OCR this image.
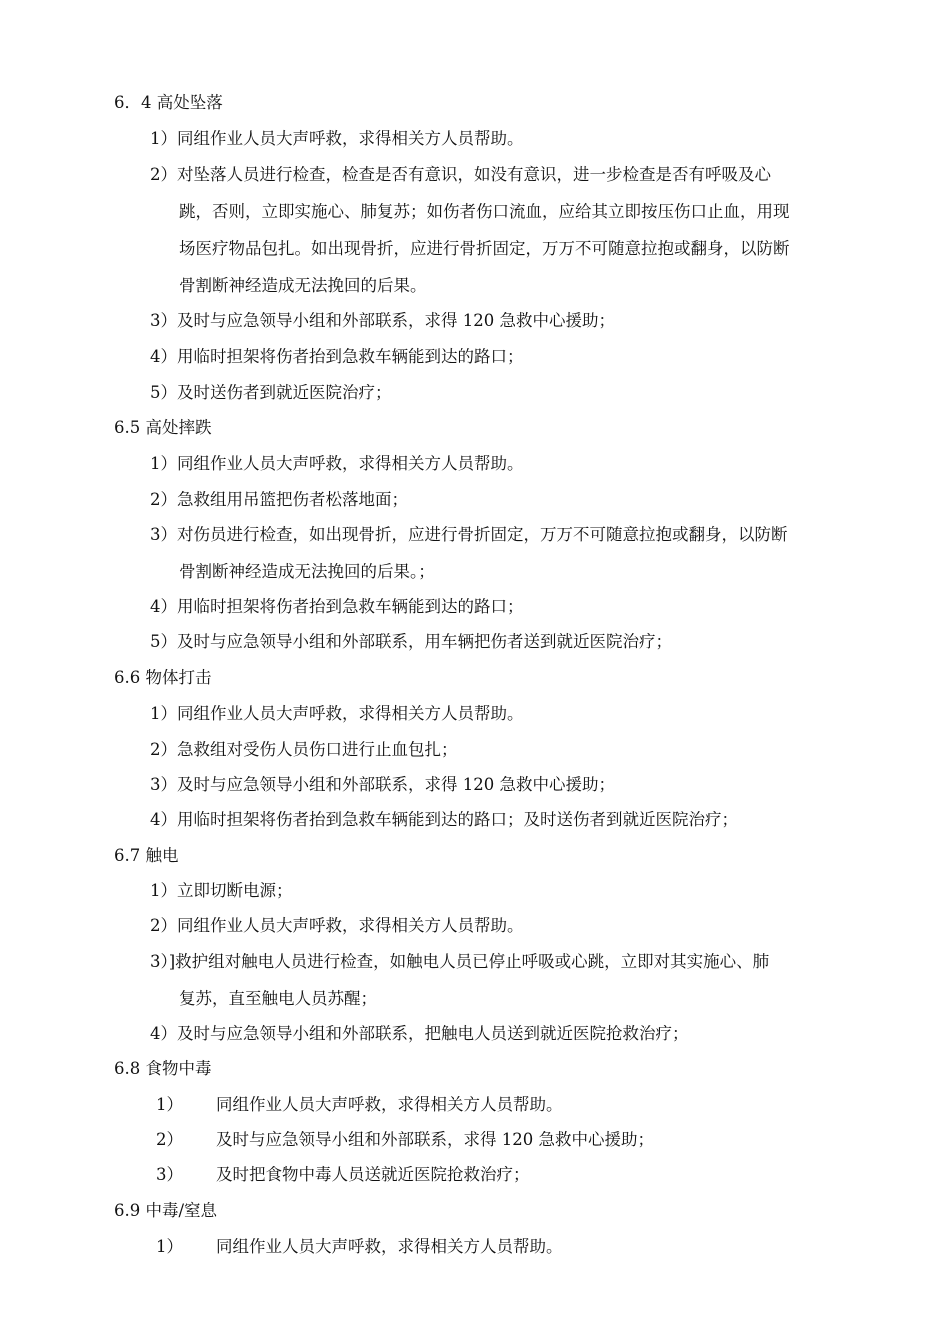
6．4 高处坠落
1）同组作业人员大声呼救，求得相关方人员帮助。
2）对坠落人员进行检查，检查是否有意识，如没有意识，进一步检查是否有呼吸及心
跳，否则，立即实施心、肺复苏；如伤者伤口流血，应给其立即按压伤口止血，用现
场医疗物品包扎。如出现骨折，应进行骨折固定，万万不可随意拉抱或翻身，以防断
骨割断神经造成无法挽回的后果。
3）及时与应急领导小组和外部联系，求得 120 急救中心援助；
4）用临时担架将伤者抬到急救车辆能到达的路口；
5）及时送伤者到就近医院治疗；
6.5 高处摔跌
1）同组作业人员大声呼救，求得相关方人员帮助。
2）急救组用吊篮把伤者松落地面；
3）对伤员进行检查，如出现骨折，应进行骨折固定，万万不可随意拉抱或翻身，以防断
骨割断神经造成无法挽回的后果。；
4）用临时担架将伤者抬到急救车辆能到达的路口；
5）及时与应急领导小组和外部联系，用车辆把伤者送到就近医院治疗；
6.6 物体打击
1）同组作业人员大声呼救，求得相关方人员帮助。
2）急救组对受伤人员伤口进行止血包扎；
3）及时与应急领导小组和外部联系，求得 120 急救中心援助；
4）用临时担架将伤者抬到急救车辆能到达的路口；及时送伤者到就近医院治疗；
6.7 触电
1）立即切断电源；
2）同组作业人员大声呼救，求得相关方人员帮助。
3）]救护组对触电人员进行检查，如触电人员已停止呼吸或心跳，立即对其实施心、肺
复苏，直至触电人员苏醒；
4）及时与应急领导小组和外部联系，把触电人员送到就近医院抢救治疗；
6.8 食物中毒
1） 同组作业人员大声呼救，求得相关方人员帮助。
2） 及时与应急领导小组和外部联系，求得 120 急救中心援助；
3） 及时把食物中毒人员送就近医院抢救治疗；
6.9 中毒/窒息
1） 同组作业人员大声呼救，求得相关方人员帮助。
